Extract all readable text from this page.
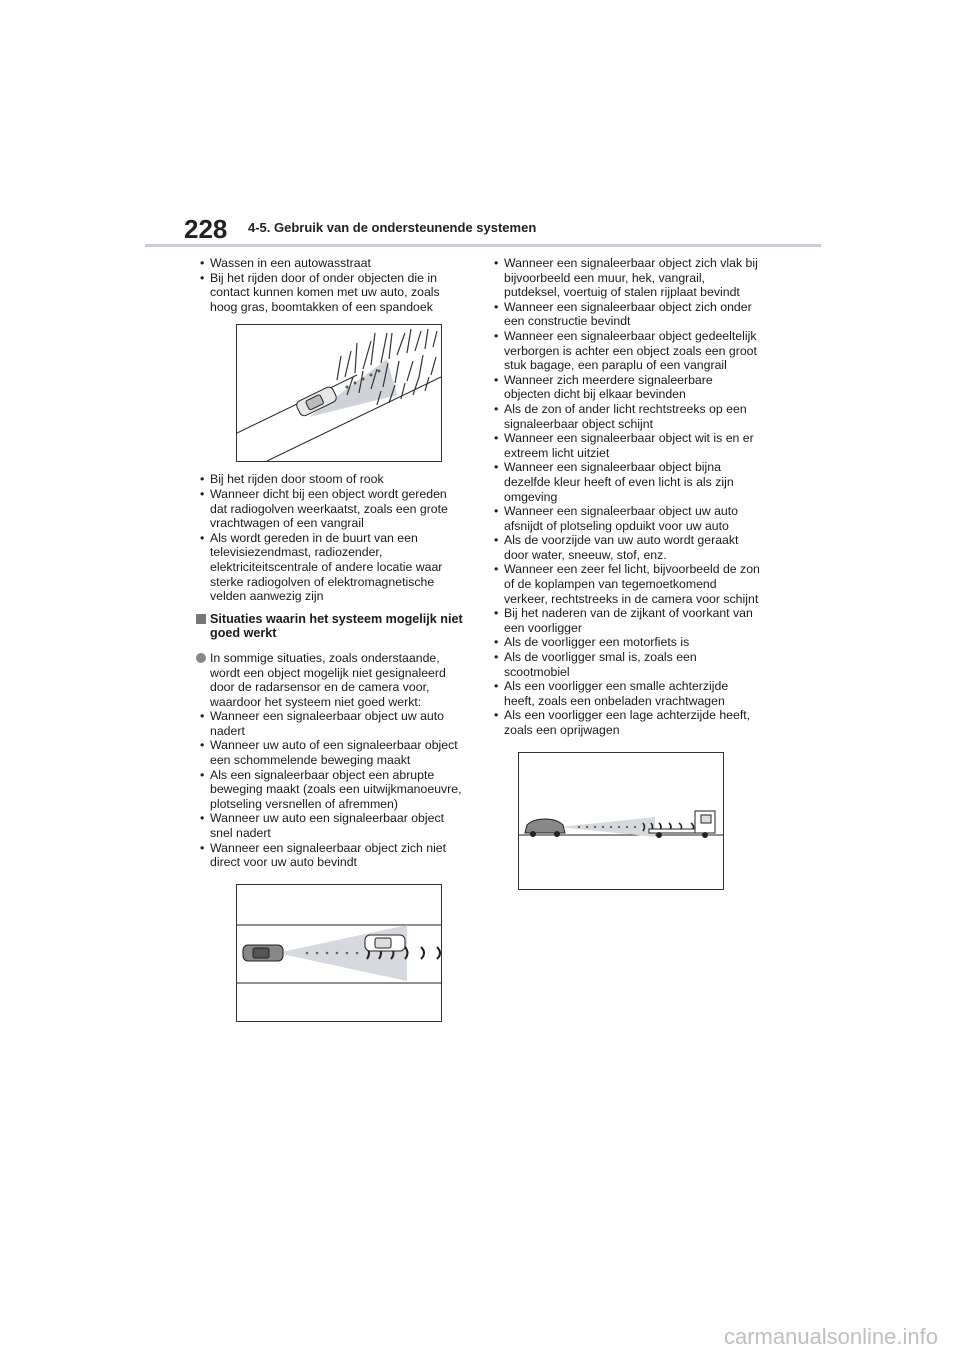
228 4-5. Gebruik van de ondersteunende systemen
• Wassen in een autowasstraat
• Bij het rijden door of onder objecten die in contact kunnen komen met uw auto, zoals hoog gras, boomtakken of een spandoek
• Bij het rijden door stoom of rook
• Wanneer dicht bij een object wordt gereden dat radiogolven weerkaatst, zoals een grote vrachtwagen of een vangrail
• Als wordt gereden in de buurt van een televisiezendmast, radiozender, elektriciteitscentrale of andere locatie waar sterke radiogolven of elektromagnetische velden aanwezig zijn
Situaties waarin het systeem mogelijk niet goed werkt
In sommige situaties, zoals onderstaande, wordt een object mogelijk niet gesignaleerd door de radarsensor en de camera voor, waardoor het systeem niet goed werkt:
• Wanneer een signaleerbaar object uw auto nadert
• Wanneer uw auto of een signaleerbaar object een schommelende beweging maakt
• Als een signaleerbaar object een abrupte beweging maakt (zoals een uitwijkmanoeuvre, plotseling versnellen of afremmen)
• Wanneer uw auto een signaleerbaar object snel nadert
• Wanneer een signaleerbaar object zich niet direct voor uw auto bevindt
• Wanneer een signaleerbaar object zich vlak bij bijvoorbeeld een muur, hek, vangrail, putdeksel, voertuig of stalen rijplaat bevindt
• Wanneer een signaleerbaar object zich onder een constructie bevindt
• Wanneer een signaleerbaar object gedeeltelijk verborgen is achter een object zoals een groot stuk bagage, een paraplu of een vangrail
• Wanneer zich meerdere signaleerbare objecten dicht bij elkaar bevinden
• Als de zon of ander licht rechtstreeks op een signaleerbaar object schijnt
• Wanneer een signaleerbaar object wit is en er extreem licht uitziet
• Wanneer een signaleerbaar object bijna dezelfde kleur heeft of even licht is als zijn omgeving
• Wanneer een signaleerbaar object uw auto afsnijdt of plotseling opduikt voor uw auto
• Als de voorzijde van uw auto wordt geraakt door water, sneeuw, stof, enz.
• Wanneer een zeer fel licht, bijvoorbeeld de zon of de koplampen van tegemoetkomend verkeer, rechtstreeks in de camera voor schijnt
• Bij het naderen van de zijkant of voorkant van een voorligger
• Als de voorligger een motorfiets is
• Als de voorligger smal is, zoals een scootmobiel
• Als een voorligger een smalle achterzijde heeft, zoals een onbeladen vrachtwagen
• Als een voorligger een lage achterzijde heeft, zoals een oprijwagen
carmanualsonline.info
